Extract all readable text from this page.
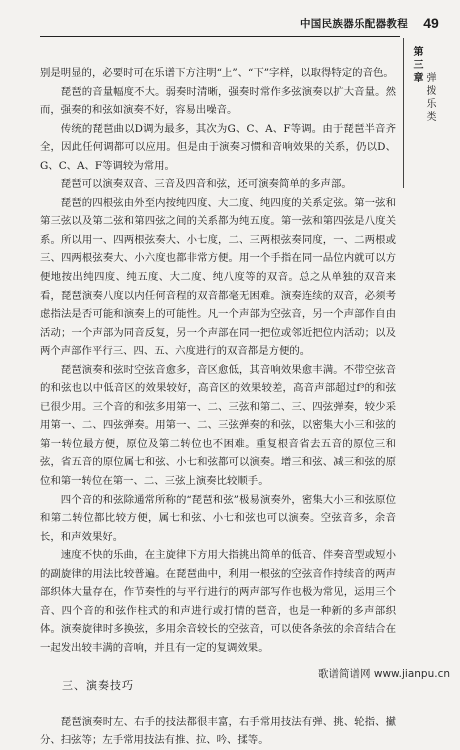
中国民族器乐配器教程	49
第三章 弹拨乐类

别是明显的，必要时可在乐谱下方注明“上”、“下”字样，以取得特定的音色。

琵琶的音量幅度不大。弱奏时清晰，强奏时常作多弦演奏以扩大音量。然而，强奏的和弦如演奏不好，容易出噪音。

传统的琵琶曲以D调为最多，其次为G、C、A、F等调。由于琵琶半音齐全，因此任何调都可以应用。但是由于演奏习惯和音响效果的关系，仍以D、G、C、A、F等调较为常用。

琵琶可以演奏双音、三音及四音和弦，还可演奏简单的多声部。

琵琶的四根弦由外至内按纯四度、大二度、纯四度的关系定弦。第一弦和第三弦以及第二弦和第四弦之间的关系都为纯五度。第一弦和第四弦是八度关系。所以用一、四两根弦奏大、小七度，二、三两根弦奏同度，一、二两根或三、四两根弦奏大、小六度也都非常方便。用一个手指在同一品位内就可以方便地按出纯四度、纯五度、大二度、纯八度等的双音。总之从单独的双音来看，琵琶演奏八度以内任何音程的双音都毫无困难。演奏连续的双音，必须考虑指法是否可能和演奏上的可能性。凡一个声部为空弦音，另一个声部作自由活动；一个声部为同音反复，另一个声部在同一把位或邻近把位内活动；以及两个声部作平行三、四、五、六度进行的双音都是方便的。

琵琶演奏和弦时空弦音愈多，音区愈低，其音响效果愈丰满。不带空弦音的和弦也以中低音区的效果较好，高音区的效果较差，高音声部超过f³的和弦已很少用。三个音的和弦多用第一、二、三弦和第二、三、四弦弹奏，较少采用第一、二、四弦弹奏。用第一、二、三弦弹奏的和弦，以密集大小三和弦的第一转位最方便，原位及第二转位也不困难。重复根音省去五音的原位三和弦，省五音的原位属七和弦、小七和弦都可以演奏。增三和弦、减三和弦的原位和第一转位在第一、二、三弦上演奏比较顺手。

四个音的和弦除通常所称的“琵琶和弦”极易演奏外，密集大小三和弦原位和第二转位都比较方便，属七和弦、小七和弦也可以演奏。空弦音多，余音长，和声效果好。

速度不快的乐曲，在主旋律下方用大指挑出简单的低音、伴奏音型或短小的副旋律的用法比较普遍。在琵琶曲中，利用一根弦的空弦音作持续音的两声部织体大量存在，作节奏性的与平行进行的两声部写作也极为常见，运用三个音、四个音的和弦作柱式的和声进行或打情的琶音，也是一种新的多声部织体。演奏旋律时多换弦，多用余音较长的空弦音，可以使各条弦的余音结合在一起发出较丰满的音响，并且有一定的复调效果。

三、演奏技巧

琵琶演奏时左、右手的技法都很丰富，右手常用技法有弹、挑、轮指、擜分、扫弦等；左手常用技法有推、拉、吟、揉等。

歌谱简谱网 www.jianpu.cn
